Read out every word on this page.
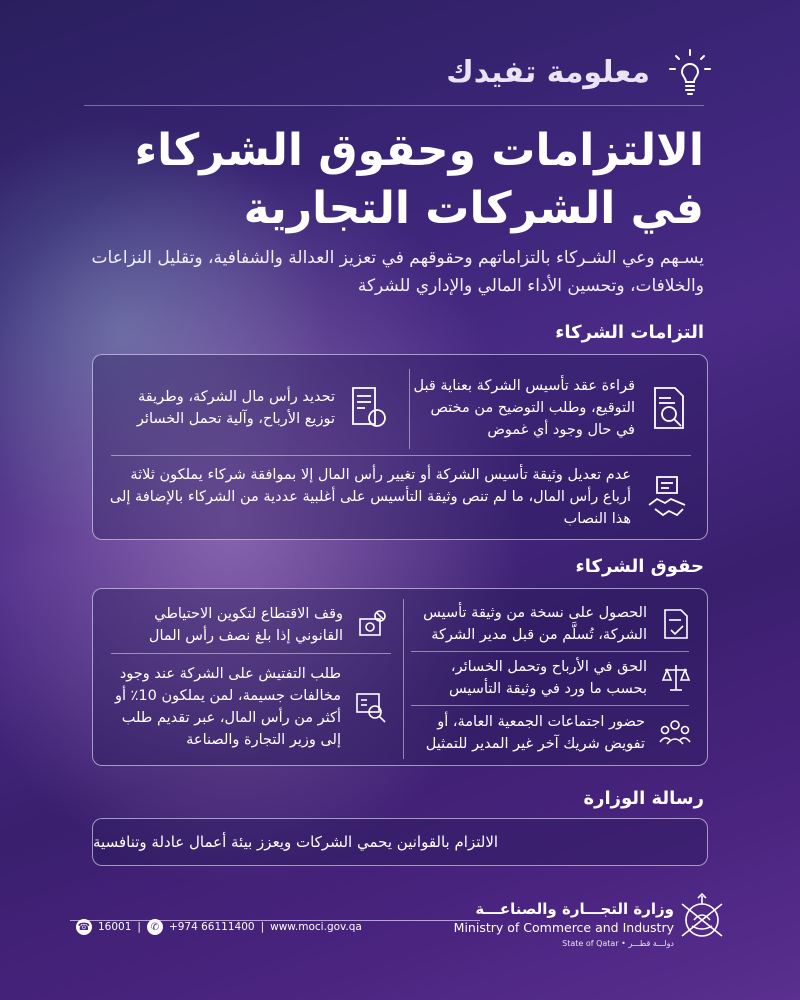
معلومة تفيدك
الالتزامات وحقوق الشركاء
في الشركات التجارية
يسـهم وعي الشـركاء بالتزاماتهم وحقوقهم في تعزيز العدالة والشفافية، وتقليل النزاعات والخلافات، وتحسين الأداء المالي والإداري للشركة
التزامات الشركاء
قراءة عقد تأسيس الشركة بعناية قبل التوقيع، وطلب التوضيح من مختص في حال وجود أي غموض
تحديد رأس مال الشركة، وطريقة توزيع الأرباح، وآلية تحمل الخسائر
عدم تعديل وثيقة تأسيس الشركة أو تغيير رأس المال إلا بموافقة شركاء يملكون ثلاثة أرباع رأس المال، ما لم تنص وثيقة التأسيس على أغلبية عددية من الشركاء بالإضافة إلى هذا النصاب
حقوق الشركاء
الحصول على نسخة من وثيقة تأسيس الشركة، تُسلَّم من قبل مدير الشركة
الحق في الأرباح وتحمل الخسائر، بحسب ما ورد في وثيقة التأسيس
حضور اجتماعات الجمعية العامة، أو تفويض شريك آخر غير المدير للتمثيل
وقف الاقتطاع لتكوين الاحتياطي القانوني إذا بلغ نصف رأس المال
طلب التفتيش على الشركة عند وجود مخالفات جسيمة، لمن يملكون 10٪ أو أكثر من رأس المال، عبر تقديم طلب إلى وزير التجارة والصناعة
رسالة الوزارة
الالتزام بالقوانين يحمي الشركات ويعزز بيئة أعمال عادلة وتنافسية
☎ 16001 | ✆ +974 66111400 | www.moci.gov.qa
وزارة التجـــارة والصناعـــة
Ministry of Commerce and Industry
State of Qatar • دولـــة قطـــر
